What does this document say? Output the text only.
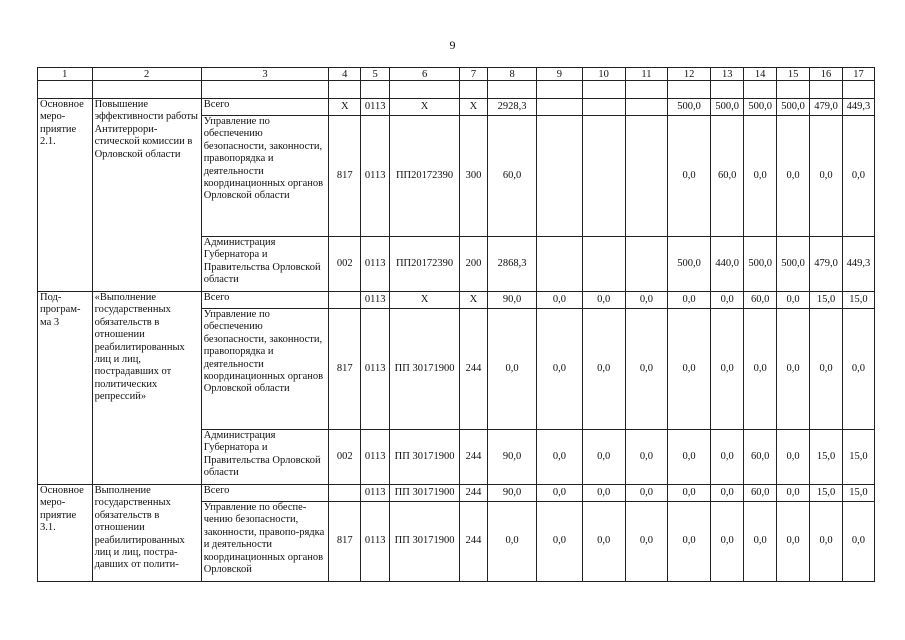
9
1	2	3	4	5	6	7	8	9	10	11	12	13	14	15	16	17

Основное меро-приятие 2.1.	Повышение эффективности работы Антитеррори-стической комиссии в Орловской области	Всего	Х	0113	Х	Х	2928,3				500,0	500,0	500,0	500,0	479,0	449,3
		Управление по обеспечению безопасности, законности, правопорядка и деятельности координационных органов Орловской области	817	0113	ПП20172390	300	60,0				0,0	60,0	0,0	0,0	0,0	0,0
		Администрация Губернатора и Правительства Орловской области	002	0113	ПП20172390	200	2868,3				500,0	440,0	500,0	500,0	479,0	449,3
Под-програм-ма 3	«Выполнение государственных обязательств в отношении реабилитированных лиц и лиц, пострадавших от политических репрессий»	Всего		0113	Х	Х	90,0	0,0	0,0	0,0	0,0	0,0	60,0	0,0	15,0	15,0
		Управление по обеспечению безопасности, законности, правопорядка и деятельности координационных органов Орловской области	817	0113	ПП 30171900	244	0,0	0,0	0,0	0,0	0,0	0,0	0,0	0,0	0,0	0,0
		Администрация Губернатора и Правительства Орловской области	002	0113	ПП 30171900	244	90,0	0,0	0,0	0,0	0,0	0,0	60,0	0,0	15,0	15,0
Основное меро-приятие 3.1.	Выполнение государственных обязательств в отношении реабилитированных лиц и лиц, постра-давших от полити-	Всего		0113	ПП 30171900	244	90,0	0,0	0,0	0,0	0,0	0,0	60,0	0,0	15,0	15,0
		Управление по обеспе-чению безопасности, законности, правопо-рядка и деятельности координационных органов Орловской	817	0113	ПП 30171900	244	0,0	0,0	0,0	0,0	0,0	0,0	0,0	0,0	0,0	0,0
